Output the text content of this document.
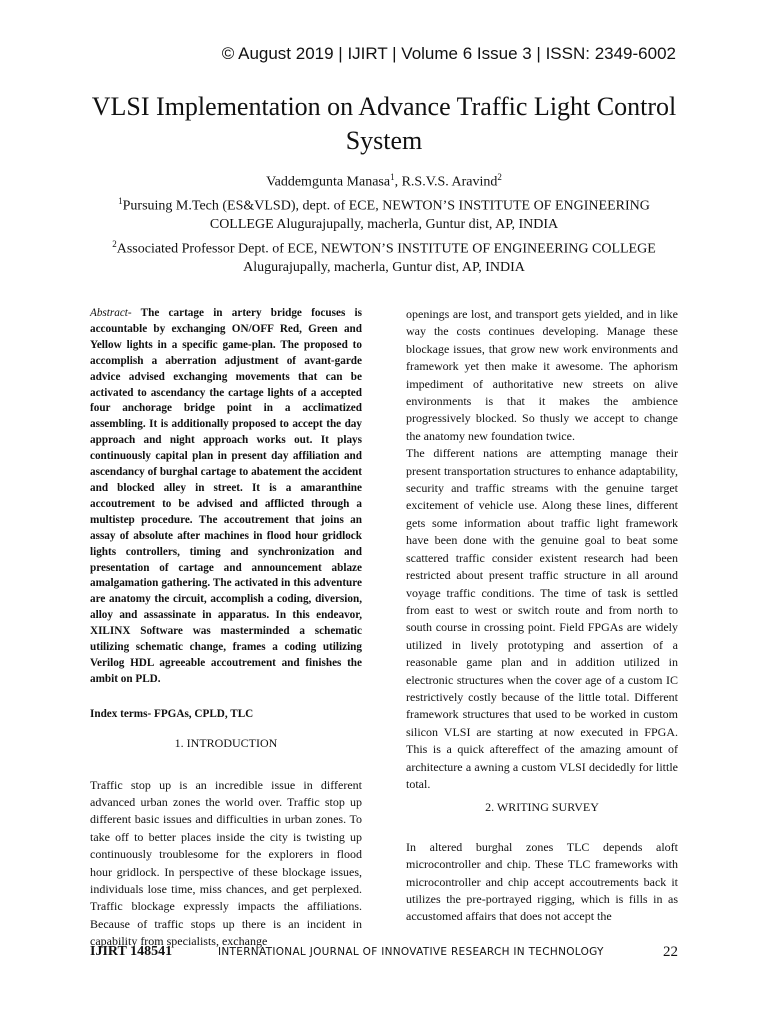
© August 2019 | IJIRT | Volume 6 Issue 3 | ISSN: 2349-6002
VLSI Implementation on Advance Traffic Light Control
System
Vaddemgunta Manasa$^1$, R.S.V.S. Aravind$^2$
$^1$Pursuing M.Tech (ES&VLSD), dept. of ECE, NEWTON’S INSTITUTE OF ENGINEERING
COLLEGE Alugurajupally, macherla, Guntur dist, AP, INDIA
$^2$Associated Professor Dept. of ECE, NEWTON’S INSTITUTE OF ENGINEERING COLLEGE
Alugurajupally, macherla, Guntur dist, AP, INDIA

Abstract- The cartage in artery bridge focuses is accountable by exchanging ON/OFF Red, Green and Yellow lights in a specific game-plan. The proposed to accomplish a aberration adjustment of avant-garde advice advised exchanging movements that can be activated to ascendancy the cartage lights of a accepted four anchorage bridge point in a acclimatized assembling. It is additionally proposed to accept the day approach and night approach works out. It plays continuously capital plan in present day affiliation and ascendancy of burghal cartage to abatement the accident and blocked alley in street. It is a amaranthine accoutrement to be advised and afflicted through a multistep procedure. The accoutrement that joins an assay of absolute after machines in flood hour gridlock lights controllers, timing and synchronization and presentation of cartage and announcement ablaze amalgamation gathering. The activated in this adventure are anatomy the circuit, accomplish a coding, diversion, alloy and assassinate in apparatus. In this endeavor, XILINX Software was masterminded a schematic utilizing schematic change, frames a coding utilizing Verilog HDL agreeable accoutrement and finishes the ambit on PLD.

Index terms- FPGAs, CPLD, TLC

1. INTRODUCTION

Traffic stop up is an incredible issue in different advanced urban zones the world over. Traffic stop up different basic issues and difficulties in urban zones. To take off to better places inside the city is twisting up continuously troublesome for the explorers in flood hour gridlock. In perspective of these blockage issues, individuals lose time, miss chances, and get perplexed. Traffic blockage expressly impacts the affiliations. Because of traffic stops up there is an incident in capability from specialists, exchange

openings are lost, and transport gets yielded, and in like way the costs continues developing. Manage these blockage issues, that grow new work environments and framework yet then make it awesome. The aphorism impediment of authoritative new streets on alive environments is that it makes the ambience progressively blocked. So thusly we accept to change the anatomy new foundation twice.

The different nations are attempting manage their present transportation structures to enhance adaptability, security and traffic streams with the genuine target excitement of vehicle use. Along these lines, different gets some information about traffic light framework have been done with the genuine goal to beat some scattered traffic consider existent research had been restricted about present traffic structure in all around voyage traffic conditions. The time of task is settled from east to west or switch route and from north to south course in crossing point. Field FPGAs are widely utilized in lively prototyping and assertion of a reasonable game plan and in addition utilized in electronic structures when the cover age of a custom IC restrictively costly because of the little total. Different framework structures that used to be worked in custom silicon VLSI are starting at now executed in FPGA. This is a quick aftereffect of the amazing amount of architecture a awning a custom VLSI decidedly for little total.

2. WRITING SURVEY

In altered burghal zones TLC depends aloft microcontroller and chip. These TLC frameworks with microcontroller and chip accept accoutrements back it utilizes the pre-portrayed rigging, which is fills in as accustomed affairs that does not accept the

IJIRT 148541	INTERNATIONAL JOURNAL OF INNOVATIVE RESEARCH IN TECHNOLOGY	22
